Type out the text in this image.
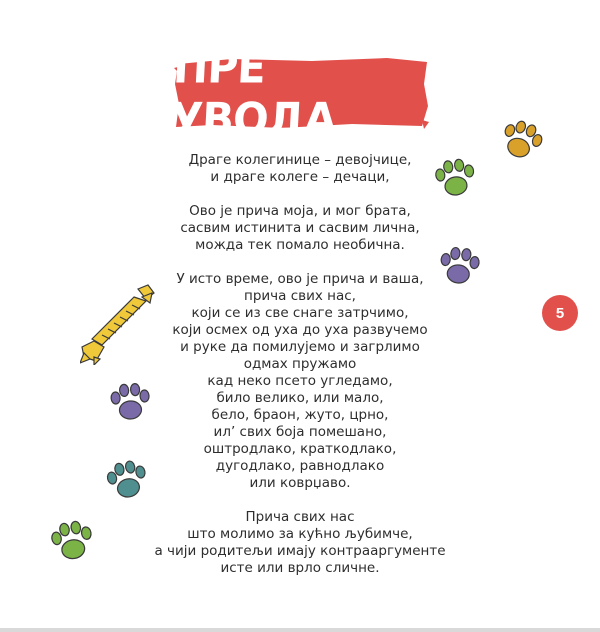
ПРЕ УВОДА
Драге колегинице – девојчице,
и драге колеге – дечаци,
Ово је прича моја, и мог брата,
сасвим истинита и сасвим лична,
можда тек помало необична.
У исто време, ово је прича и ваша,
прича свих нас,
који се из све снаге затрчимо,
који осмех од уха до уха развучемо
и руке да помилујемо и загрлимо
одмах пружамо
кад неко псето угледамо,
било велико, или мало,
бело, браон, жуто, црно,
ил’ свих боја помешано,
оштродлако, краткодлако,
дугодлако, равнодлако
или коврџаво.
Прича свих нас
што молимо за кућно љубимче,
а чији родитељи имају контрааргументе
исте или врло сличне.
5
